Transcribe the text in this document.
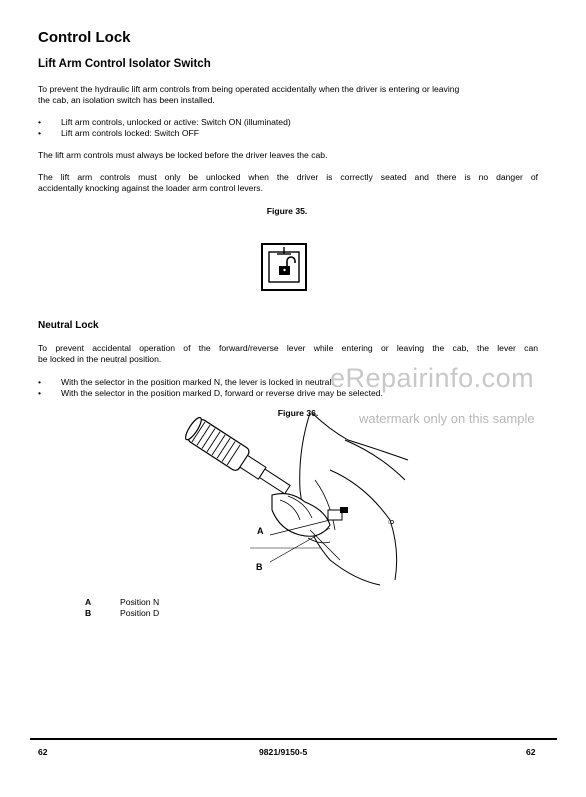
Control Lock
Lift Arm Control Isolator Switch
To prevent the hydraulic lift arm controls from being operated accidentally when the driver is entering or leaving
the cab, an isolation switch has been installed.
• Lift arm controls, unlocked or active: Switch ON (illuminated)
• Lift arm controls locked: Switch OFF
The lift arm controls must always be locked before the driver leaves the cab.
The lift arm controls must only be unlocked when the driver is correctly seated and there is no danger of
accidentally knocking against the loader arm control levers.
Figure 35.
Neutral Lock
To prevent accidental operation of the forward/reverse lever while entering or leaving the cab, the lever can
be locked in the neutral position.
• With the selector in the position marked N, the lever is locked in neutral.
• With the selector in the position marked D, forward or reverse drive may be selected.
eRepairinfo.com
watermark only on this sample
Figure 36.
A
B
C
A	Position N
B	Position D
62	9821/9150-5	62
